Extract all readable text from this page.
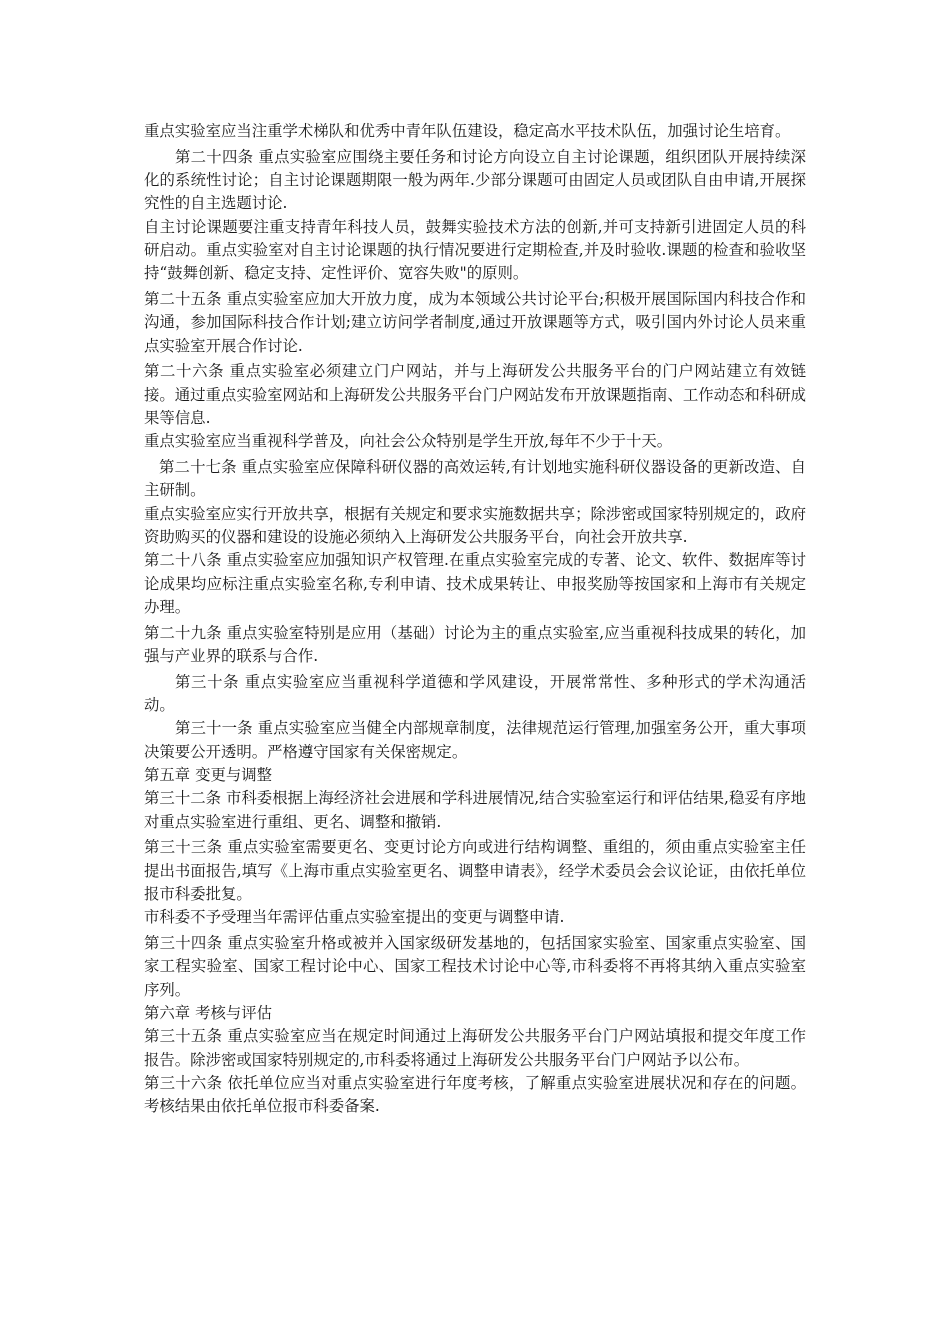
重点实验室应当注重学术梯队和优秀中青年队伍建设，稳定高水平技术队伍，加强讨论生培育。

第二十四条 重点实验室应围绕主要任务和讨论方向设立自主讨论课题，组织团队开展持续深化的系统性讨论；自主讨论课题期限一般为两年.少部分课题可由固定人员或团队自由申请,开展探究性的自主选题讨论.

自主讨论课题要注重支持青年科技人员，鼓舞实验技术方法的创新,并可支持新引进固定人员的科研启动。重点实验室对自主讨论课题的执行情况要进行定期检查,并及时验收.课题的检查和验收坚持“鼓舞创新、稳定支持、定性评价、宽容失败"的原则。

第二十五条 重点实验室应加大开放力度，成为本领域公共讨论平台;积极开展国际国内科技合作和沟通，参加国际科技合作计划;建立访问学者制度,通过开放课题等方式，吸引国内外讨论人员来重点实验室开展合作讨论.

第二十六条 重点实验室必须建立门户网站，并与上海研发公共服务平台的门户网站建立有效链接。通过重点实验室网站和上海研发公共服务平台门户网站发布开放课题指南、工作动态和科研成果等信息.

重点实验室应当重视科学普及，向社会公众特别是学生开放,每年不少于十天。

第二十七条 重点实验室应保障科研仪器的高效运转,有计划地实施科研仪器设备的更新改造、自主研制。

重点实验室应实行开放共享，根据有关规定和要求实施数据共享；除涉密或国家特别规定的，政府资助购买的仪器和建设的设施必须纳入上海研发公共服务平台，向社会开放共享.

第二十八条 重点实验室应加强知识产权管理.在重点实验室完成的专著、论文、软件、数据库等讨论成果均应标注重点实验室名称,专利申请、技术成果转让、申报奖励等按国家和上海市有关规定办理。

第二十九条 重点实验室特别是应用（基础）讨论为主的重点实验室,应当重视科技成果的转化，加强与产业界的联系与合作.

第三十条 重点实验室应当重视科学道德和学风建设，开展常常性、多种形式的学术沟通活动。

第三十一条 重点实验室应当健全内部规章制度，法律规范运行管理,加强室务公开，重大事项决策要公开透明。严格遵守国家有关保密规定。

第五章 变更与调整

第三十二条 市科委根据上海经济社会进展和学科进展情况,结合实验室运行和评估结果,稳妥有序地对重点实验室进行重组、更名、调整和撤销.

第三十三条 重点实验室需要更名、变更讨论方向或进行结构调整、重组的，须由重点实验室主任提出书面报告,填写《上海市重点实验室更名、调整申请表》，经学术委员会会议论证，由依托单位报市科委批复。

市科委不予受理当年需评估重点实验室提出的变更与调整申请.

第三十四条 重点实验室升格或被并入国家级研发基地的，包括国家实验室、国家重点实验室、国家工程实验室、国家工程讨论中心、国家工程技术讨论中心等,市科委将不再将其纳入重点实验室序列。

第六章 考核与评估

第三十五条 重点实验室应当在规定时间通过上海研发公共服务平台门户网站填报和提交年度工作报告。除涉密或国家特别规定的,市科委将通过上海研发公共服务平台门户网站予以公布。

第三十六条 依托单位应当对重点实验室进行年度考核，了解重点实验室进展状况和存在的问题。考核结果由依托单位报市科委备案.
